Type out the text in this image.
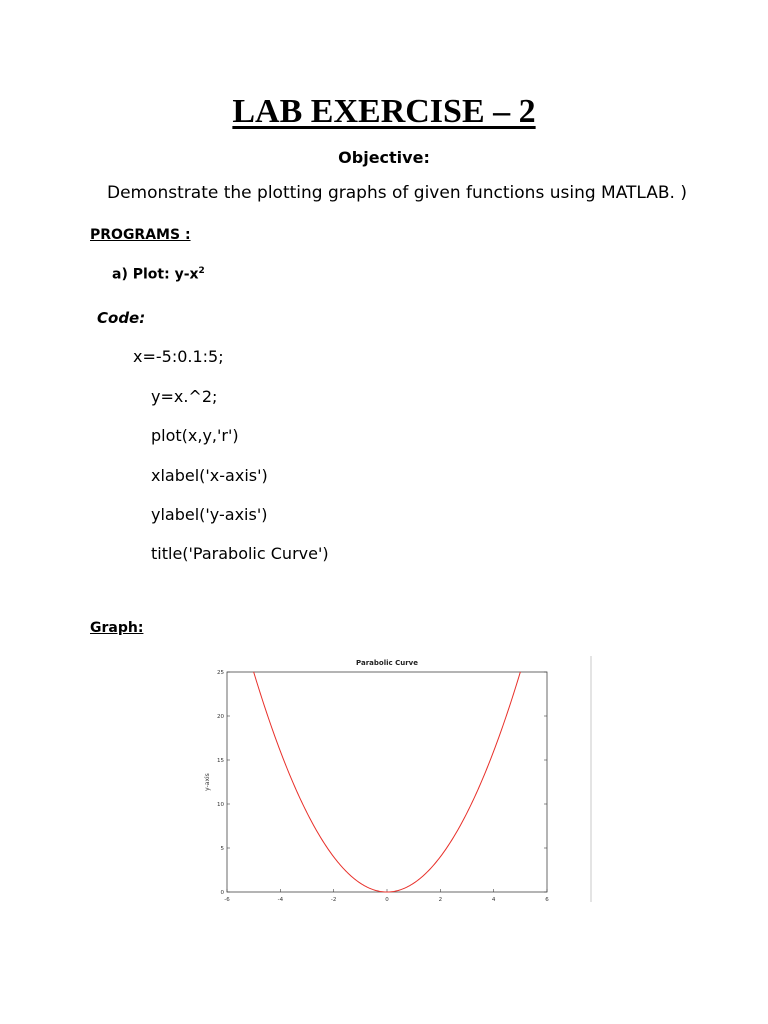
LAB EXERCISE – 2
Objective:
Demonstrate the plotting graphs of given functions using MATLAB. )
PROGRAMS :
a) Plot: $y-x^2$
Code:
x=-5:0.1:5;
y=x.^2;
plot(x,y,'r')
xlabel('x-axis')
ylabel('y-axis')
title('Parabolic Curve')
Graph:
Parabolic Curve
y-axis
-6	-4	-2	0	2	4	6
0
5
10
15
20
25
